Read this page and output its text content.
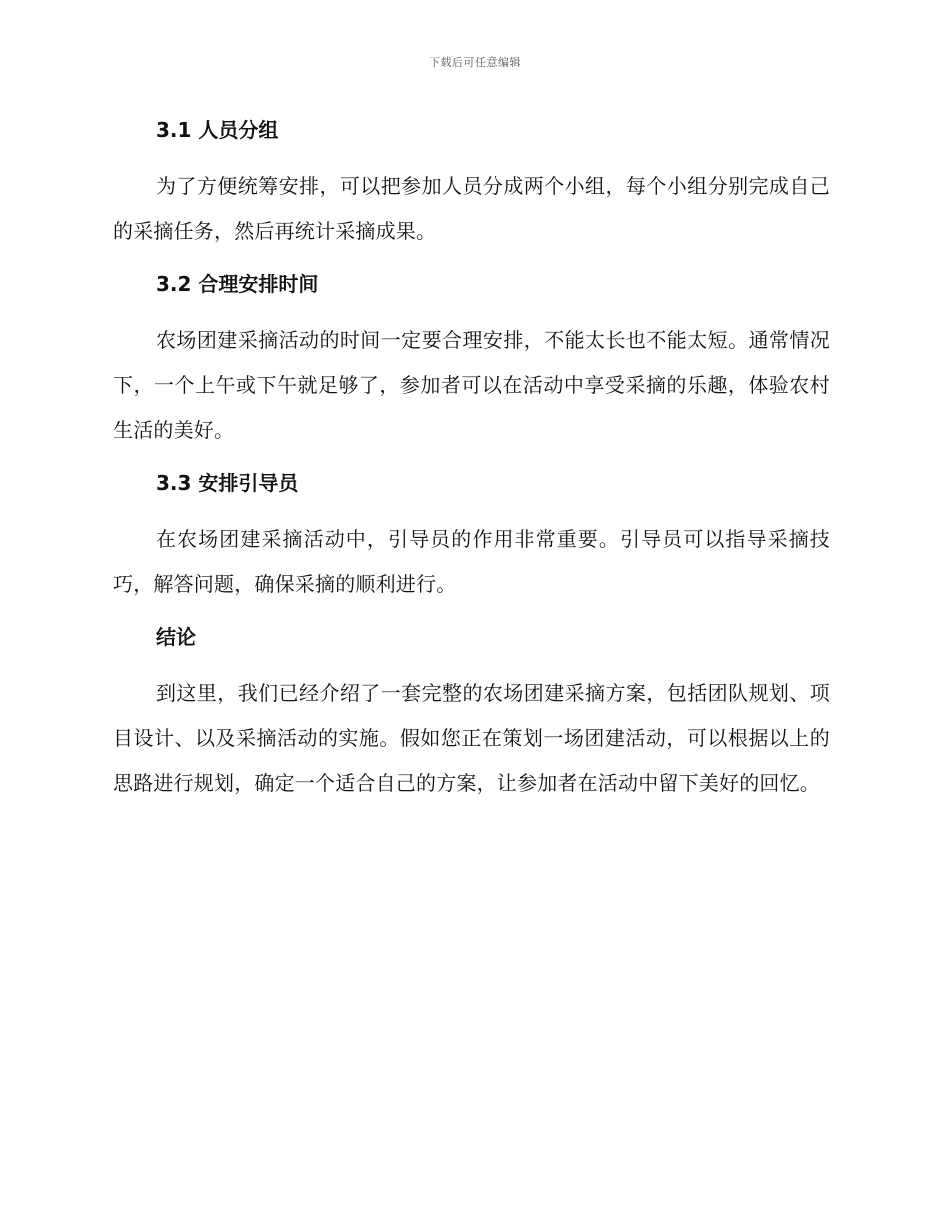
下载后可任意编辑
3.1 人员分组

为了方便统筹安排，可以把参加人员分成两个小组，每个小组分别完成自己的采摘任务，然后再统计采摘成果。

3.2 合理安排时间

农场团建采摘活动的时间一定要合理安排，不能太长也不能太短。通常情况下，一个上午或下午就足够了，参加者可以在活动中享受采摘的乐趣，体验农村生活的美好。

3.3 安排引导员

在农场团建采摘活动中，引导员的作用非常重要。引导员可以指导采摘技巧，解答问题，确保采摘的顺利进行。

结论

到这里，我们已经介绍了一套完整的农场团建采摘方案，包括团队规划、项目设计、以及采摘活动的实施。假如您正在策划一场团建活动，可以根据以上的思路进行规划，确定一个适合自己的方案，让参加者在活动中留下美好的回忆。
